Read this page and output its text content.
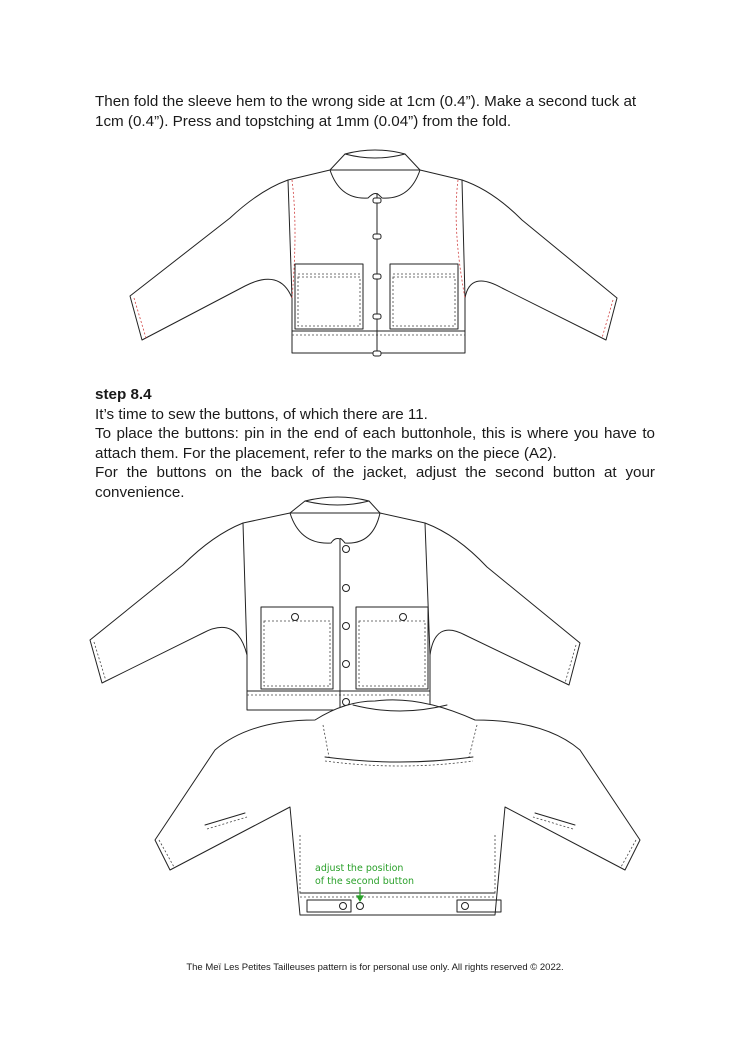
Then fold the sleeve hem to the wrong side at 1cm (0.4”). Make a second tuck at 1cm (0.4”). Press and topstching at 1mm (0.04”) from the fold.

step 8.4

It’s time to sew the buttons, of which there are 11.

To place the buttons: pin in the end of each buttonhole, this is where you have to attach them. For the placement, refer to the marks on the piece (A2).

For the buttons on the back of the jacket, adjust the second button at your convenience.

adjust the position
of the second button
The Meï Les Petites Tailleuses pattern is for personal use only. All rights reserved © 2022.
